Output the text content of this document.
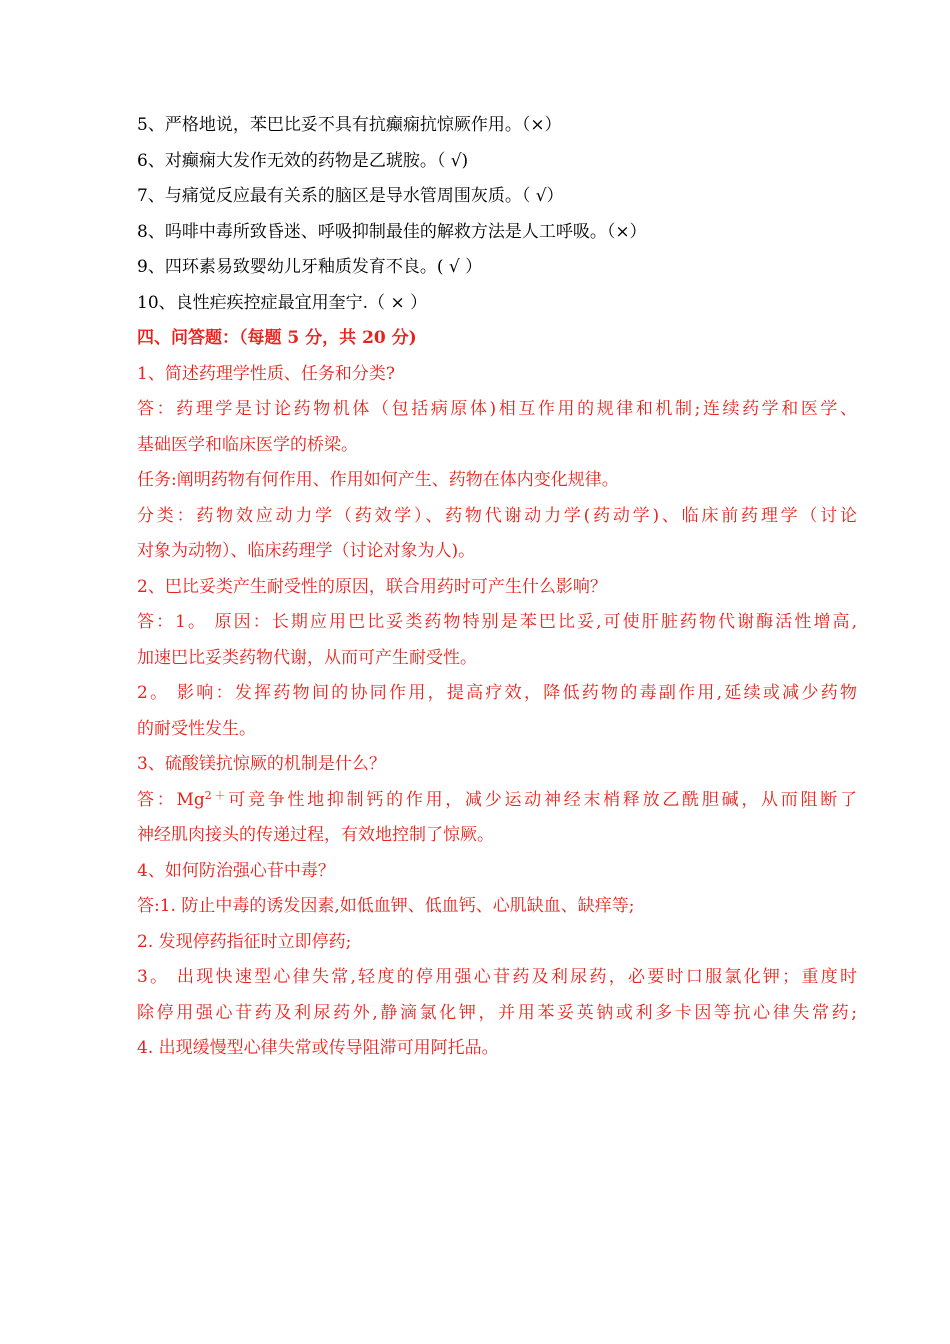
5、严格地说，苯巴比妥不具有抗癫痫抗惊厥作用。（×）
6、对癫痫大发作无效的药物是乙琥胺。（ √)
7、与痛觉反应最有关系的脑区是导水管周围灰质。（ √）
8、吗啡中毒所致昏迷、呼吸抑制最佳的解救方法是人工呼吸。（×）
9、四环素易致婴幼儿牙釉质发育不良。( √ ）
10、良性疟疾控症最宜用奎宁.（ × ）
四、问答题：（每题 5 分，共 20 分)
1、简述药理学性质、任务和分类?
答：药理学是讨论药物机体（包括病原体)相互作用的规律和机制;连续药学和医学、
基础医学和临床医学的桥梁。
任务:阐明药物有何作用、作用如何产生、药物在体内变化规律。
分类：药物效应动力学（药效学）、药物代谢动力学(药动学)、临床前药理学（讨论
对象为动物）、临床药理学（讨论对象为人)。
2、巴比妥类产生耐受性的原因，联合用药时可产生什么影响？
答：1。 原因：长期应用巴比妥类药物特别是苯巴比妥,可使肝脏药物代谢酶活性增高,
加速巴比妥类药物代谢，从而可产生耐受性。
2。 影响：发挥药物间的协同作用，提高疗效，降低药物的毒副作用,延续或减少药物
的耐受性发生。
3、硫酸镁抗惊厥的机制是什么？
答：$Mg^{2+}$可竞争性地抑制钙的作用，减少运动神经末梢释放乙酰胆碱，从而阻断了
神经肌肉接头的传递过程，有效地控制了惊厥。
4、如何防治强心苷中毒？
答:1. 防止中毒的诱发因素,如低血钾、低血钙、心肌缺血、缺痒等;
2. 发现停药指征时立即停药;
3。 出现快速型心律失常,轻度的停用强心苷药及利尿药，必要时口服氯化钾；重度时
除停用强心苷药及利尿药外,静滴氯化钾，并用苯妥英钠或利多卡因等抗心律失常药;
4. 出现缓慢型心律失常或传导阻滞可用阿托品。
